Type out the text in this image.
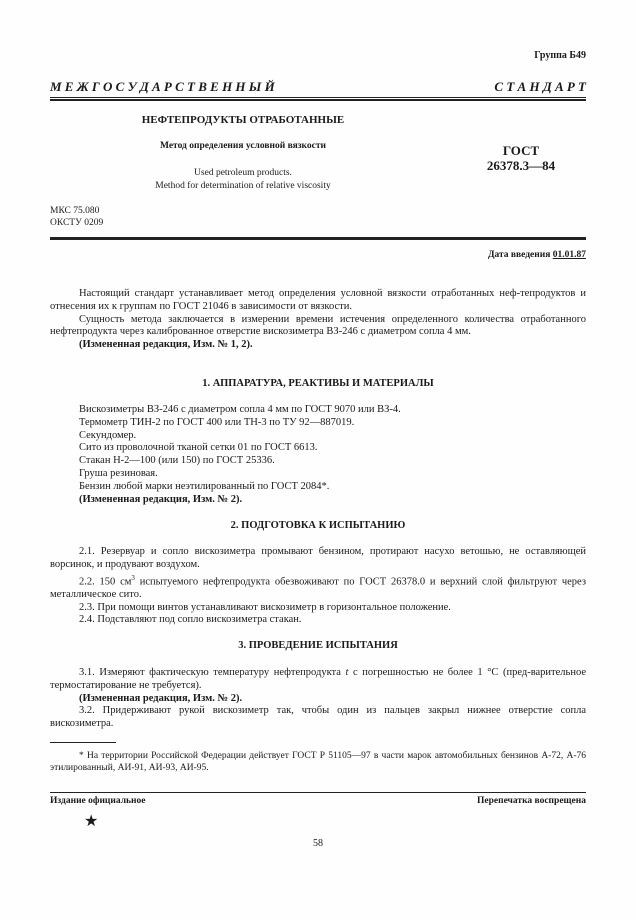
Группа Б49
М Е Ж Г О С У Д А Р С Т В Е Н Н Ы Й	С Т А Н Д А Р Т
НЕФТЕПРОДУКТЫ ОТРАБОТАННЫЕ
Метод определения условной вязкости
Used petroleum products.
Method for determination of relative viscosity
ГОСТ
26378.3—84
МКС 75.080
ОКСТУ 0209
Дата введения 01.01.87

Настоящий стандарт устанавливает метод определения условной вязкости отработанных неф-тепродуктов и отнесения их к группам по ГОСТ 21046 в зависимости от вязкости.

Сущность метода заключается в измерении времени истечения определенного количества отработанного нефтепродукта через калиброванное отверстие вискозиметра ВЗ-246 с диаметром сопла 4 мм.

(Измененная редакция, Изм. № 1, 2).

1. АППАРАТУРА, РЕАКТИВЫ И МАТЕРИАЛЫ

Вискозиметры ВЗ-246 с диаметром сопла 4 мм по ГОСТ 9070 или ВЗ-4.

Термометр ТИН-2 по ГОСТ 400 или ТН-3 по ТУ 92—887019.

Секундомер.

Сито из проволочной тканой сетки 01 по ГОСТ 6613.

Стакан Н-2—100 (или 150) по ГОСТ 25336.

Груша резиновая.

Бензин любой марки неэтилированный по ГОСТ 2084*.

(Измененная редакция, Изм. № 2).

2. ПОДГОТОВКА К ИСПЫТАНИЮ

2.1. Резервуар и сопло вискозиметра промывают бензином, протирают насухо ветошью, не оставляющей ворсинок, и продувают воздухом.

2.2. 150 $см^3$ испытуемого нефтепродукта обезвоживают по ГОСТ 26378.0 и верхний слой фильтруют через металлическое сито.

2.3. При помощи винтов устанавливают вискозиметр в горизонтальное положение.

2.4. Подставляют под сопло вискозиметра стакан.

3. ПРОВЕДЕНИЕ ИСПЫТАНИЯ

3.1. Измеряют фактическую температуру нефтепродукта t с погрешностью не более 1 °С (пред-варительное термостатирование не требуется).

(Измененная редакция, Изм. № 2).

3.2. Придерживают рукой вискозиметр так, чтобы один из пальцев закрыл нижнее отверстие сопла вискозиметра.

* На территории Российской Федерации действует ГОСТ Р 51105—97 в части марок автомобильных бензинов А-72, А-76 этилированный, АИ-91, АИ-93, АИ-95.

Издание официальное	Перепечатка воспрещена
★
58
